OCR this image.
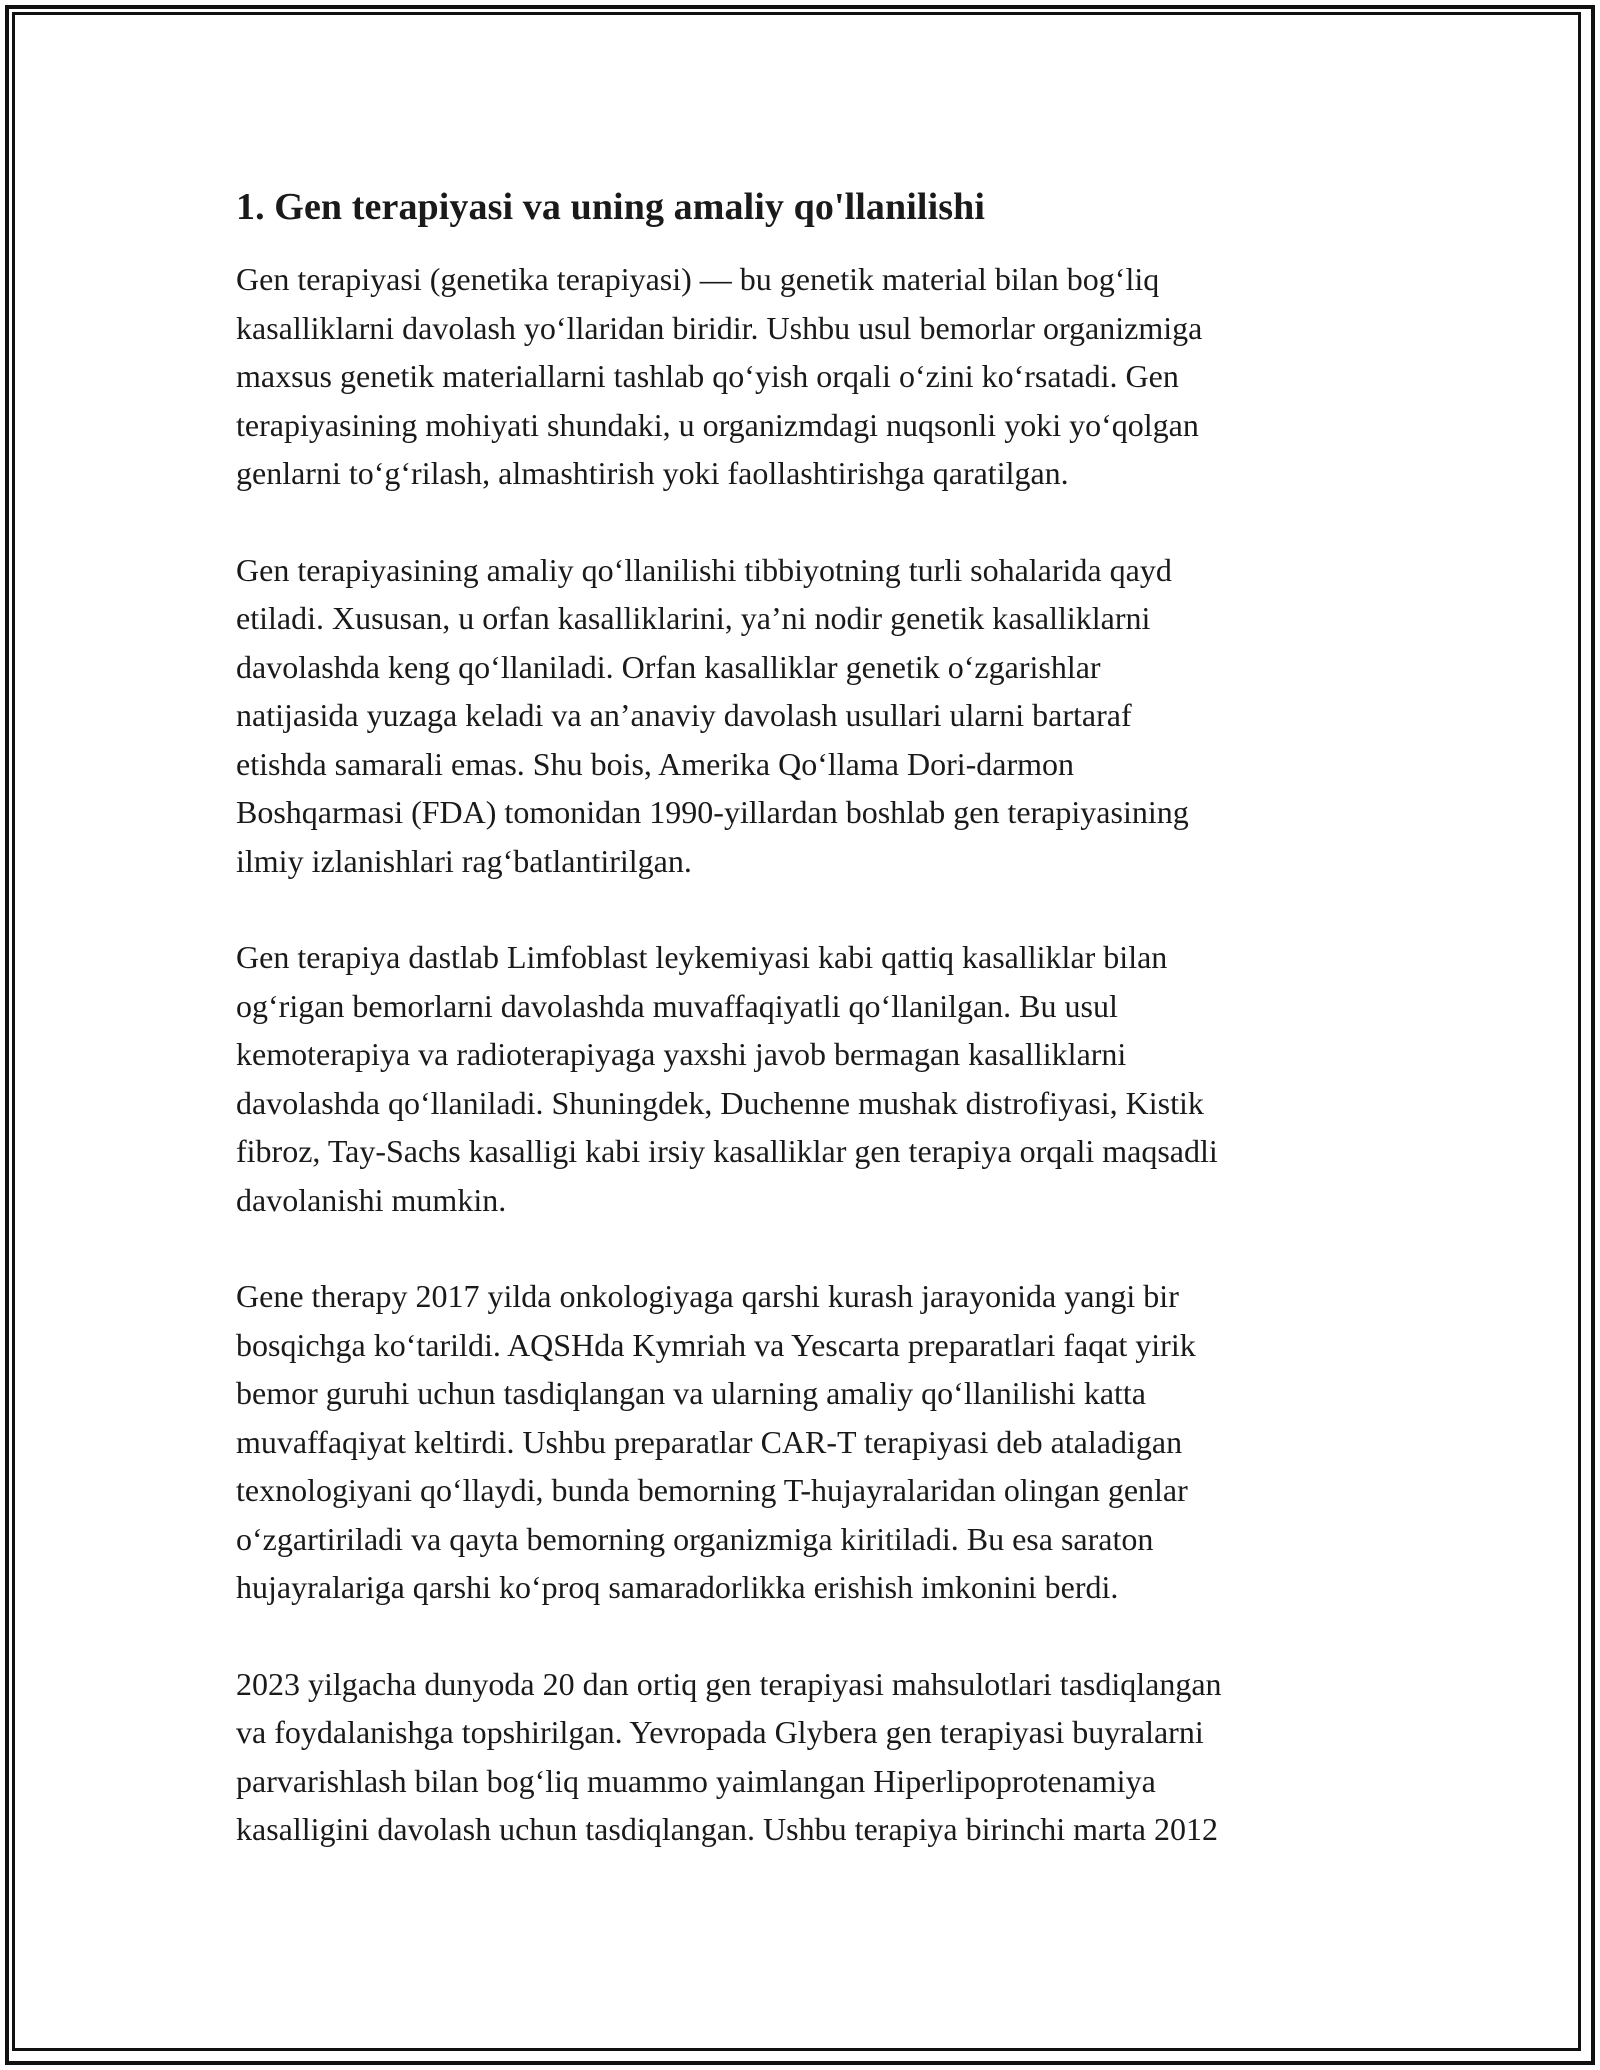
1. Gen terapiyasi va uning amaliy qo'llanilishi
Gen terapiyasi (genetika terapiyasi) — bu genetik material bilan bog‘liq
kasalliklarni davolash yo‘llaridan biridir. Ushbu usul bemorlar organizmiga
maxsus genetik materiallarni tashlab qo‘yish orqali o‘zini ko‘rsatadi. Gen
terapiyasining mohiyati shundaki, u organizmdagi nuqsonli yoki yo‘qolgan
genlarni to‘g‘rilash, almashtirish yoki faollashtirishga qaratilgan.
Gen terapiyasining amaliy qo‘llanilishi tibbiyotning turli sohalarida qayd
etiladi. Xususan, u orfan kasalliklarini, ya’ni nodir genetik kasalliklarni
davolashda keng qo‘llaniladi. Orfan kasalliklar genetik o‘zgarishlar
natijasida yuzaga keladi va an’anaviy davolash usullari ularni bartaraf
etishda samarali emas. Shu bois, Amerika Qo‘llama Dori-darmon
Boshqarmasi (FDA) tomonidan 1990-yillardan boshlab gen terapiyasining
ilmiy izlanishlari rag‘batlantirilgan.
Gen terapiya dastlab Limfoblast leykemiyasi kabi qattiq kasalliklar bilan
og‘rigan bemorlarni davolashda muvaffaqiyatli qo‘llanilgan. Bu usul
kemoterapiya va radioterapiyaga yaxshi javob bermagan kasalliklarni
davolashda qo‘llaniladi. Shuningdek, Duchenne mushak distrofiyasi, Kistik
fibroz, Tay-Sachs kasalligi kabi irsiy kasalliklar gen terapiya orqali maqsadli
davolanishi mumkin.
Gene therapy 2017 yilda onkologiyaga qarshi kurash jarayonida yangi bir
bosqichga ko‘tarildi. AQSHda Kymriah va Yescarta preparatlari faqat yirik
bemor guruhi uchun tasdiqlangan va ularning amaliy qo‘llanilishi katta
muvaffaqiyat keltirdi. Ushbu preparatlar CAR-T terapiyasi deb ataladigan
texnologiyani qo‘llaydi, bunda bemorning T-hujayralaridan olingan genlar
o‘zgartiriladi va qayta bemorning organizmiga kiritiladi. Bu esa saraton
hujayralariga qarshi ko‘proq samaradorlikka erishish imkonini berdi.
2023 yilgacha dunyoda 20 dan ortiq gen terapiyasi mahsulotlari tasdiqlangan
va foydalanishga topshirilgan. Yevropada Glybera gen terapiyasi buyralarni
parvarishlash bilan bog‘liq muammo yaimlangan Hiperlipoprotenamiya
kasalligini davolash uchun tasdiqlangan. Ushbu terapiya birinchi marta 2012
